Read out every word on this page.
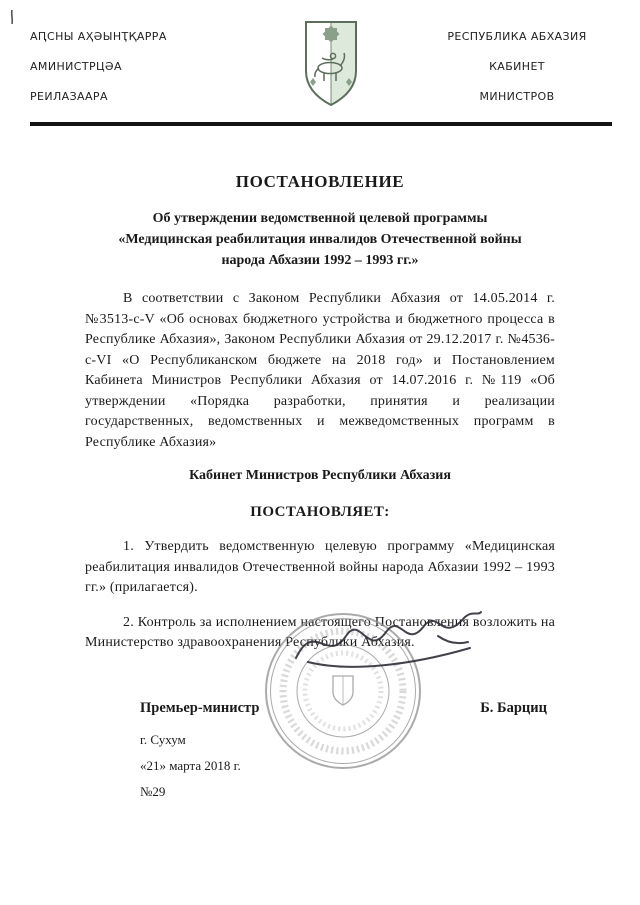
АԤСНЫ АҲӘЫНҬҚАРРА
АМИНИСТРЦӘА
РЕИЛАЗААРА
РЕСПУБЛИКА АБХАЗИЯ
КАБИНЕТ
МИНИСТРОВ
ПОСТАНОВЛЕНИЕ
Об утверждении ведомственной целевой программы «Медицинская реабилитация инвалидов Отечественной войны народа Абхазии 1992 – 1993 гг.»

В соответствии с Законом Республики Абхазия от 14.05.2014 г. №3513-с-V «Об основах бюджетного устройства и бюджетного процесса в Республике Абхазия», Законом Республики Абхазия от 29.12.2017 г. №4536-с-VI «О Республиканском бюджете на 2018 год» и Постановлением Кабинета Министров Республики Абхазия от 14.07.2016 г. №119 «Об утверждении «Порядка разработки, принятия и реализации государственных, ведомственных и межведомственных программ в Республике Абхазия»

Кабинет Министров Республики Абхазия
ПОСТАНОВЛЯЕТ:

1. Утвердить ведомственную целевую программу «Медицинская реабилитация инвалидов Отечественной войны народа Абхазии 1992 – 1993 гг.» (прилагается).

2. Контроль за исполнением настоящего Постановления возложить на Министерство здравоохранения Республики Абхазия.

Премьер-министр	Б. Барциц
г. Сухум
«21» марта 2018 г.
№29
